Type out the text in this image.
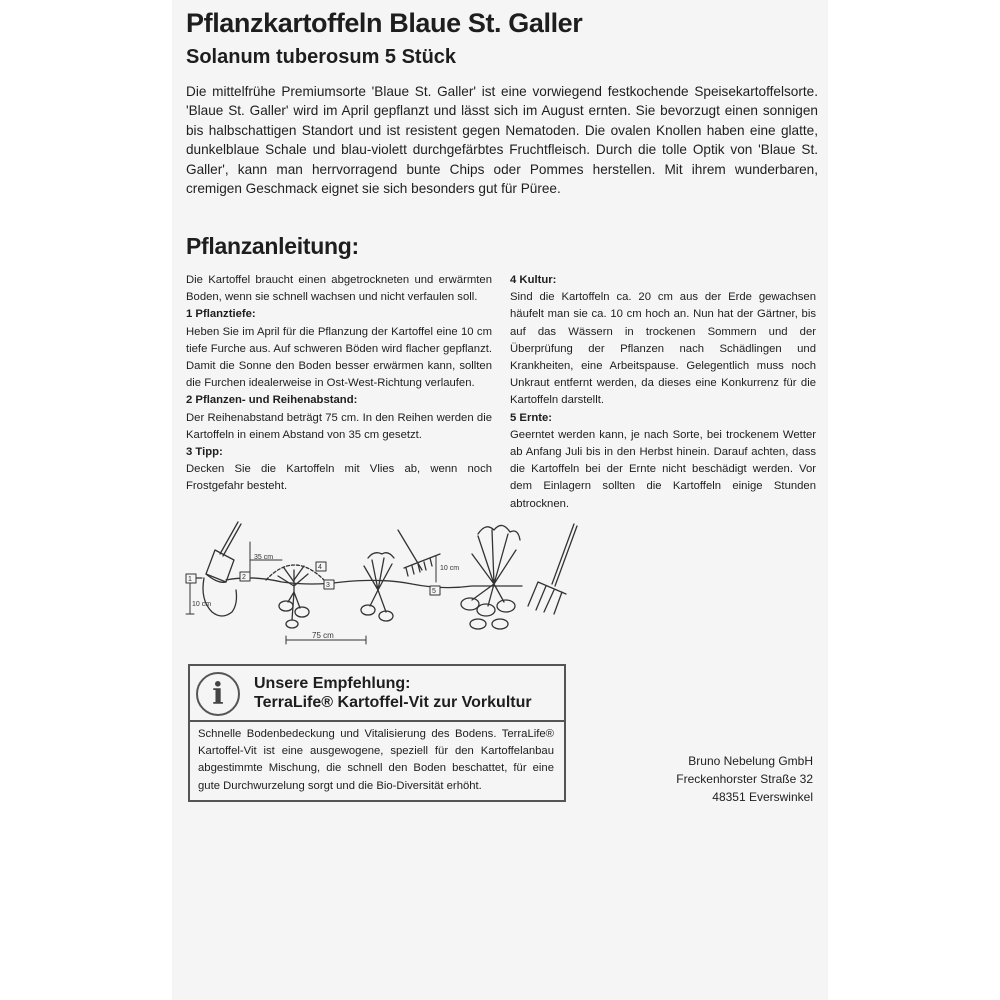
Pflanzkartoffeln Blaue St. Galler
Solanum tuberosum 5 Stück

Die mittelfrühe Premiumsorte 'Blaue St. Galler' ist eine vorwiegend festkochende Speisekartoffelsorte. 'Blaue St. Galler' wird im April gepflanzt und lässt sich im August ernten. Sie bevorzugt einen sonnigen bis halbschattigen Standort und ist resistent gegen Nematoden. Die ovalen Knollen haben eine glatte, dunkelblaue Schale und blau-violett durchgefärbtes Fruchtfleisch. Durch die tolle Optik von 'Blaue St. Galler', kann man herrvorragend bunte Chips oder Pommes herstellen. Mit ihrem wunderbaren, cremigen Geschmack eignet sie sich besonders gut für Püree.

Pflanzanleitung:

Die Kartoffel braucht einen abgetrockneten und erwärmten Boden, wenn sie schnell wachsen und nicht verfaulen soll.

1 Pflanztiefe:

Heben Sie im April für die Pflanzung der Kartoffel eine 10 cm tiefe Furche aus. Auf schweren Böden wird flacher gepflanzt. Damit die Sonne den Boden besser erwärmen kann, sollten die Furchen idealerweise in Ost-West-Richtung verlaufen.

2 Pflanzen- und Reihenabstand:

Der Reihenabstand beträgt 75 cm. In den Reihen werden die Kartoffeln in einem Abstand von 35 cm gesetzt.

3 Tipp:

Decken Sie die Kartoffeln mit Vlies ab, wenn noch Frostgefahr besteht.

4 Kultur:

Sind die Kartoffeln ca. 20 cm aus der Erde gewachsen häufelt man sie ca. 10 cm hoch an. Nun hat der Gärtner, bis auf das Wässern in trockenen Sommern und der Überprüfung der Pflanzen nach Schädlingen und Krankheiten, eine Arbeitspause. Gelegentlich muss noch Unkraut entfernt werden, da dieses eine Konkurrenz für die Kartoffeln darstellt.

5 Ernte:

Geerntet werden kann, je nach Sorte, bei trockenem Wetter ab Anfang Juli bis in den Herbst hinein. Darauf achten, dass die Kartoffeln bei der Ernte nicht beschädigt werden. Vor dem Einlagern sollten die Kartoffeln einige Stunden abtrocknen.

1	2
4
3
5
35 cm
10 cm
75 cm
10 cm
i	Unsere Empfehlung:
TerraLife® Kartoffel-Vit zur Vorkultur
Schnelle Bodenbedeckung und Vitalisierung des Bodens. TerraLife® Kartoffel-Vit ist eine ausgewogene, speziell für den Kartoffelanbau abgestimmte Mischung, die schnell den Boden beschattet, für eine gute Durchwurzelung sorgt und die Bio-Diversität erhöht.
Bruno Nebelung GmbH
Freckenhorster Straße 32
48351 Everswinkel
